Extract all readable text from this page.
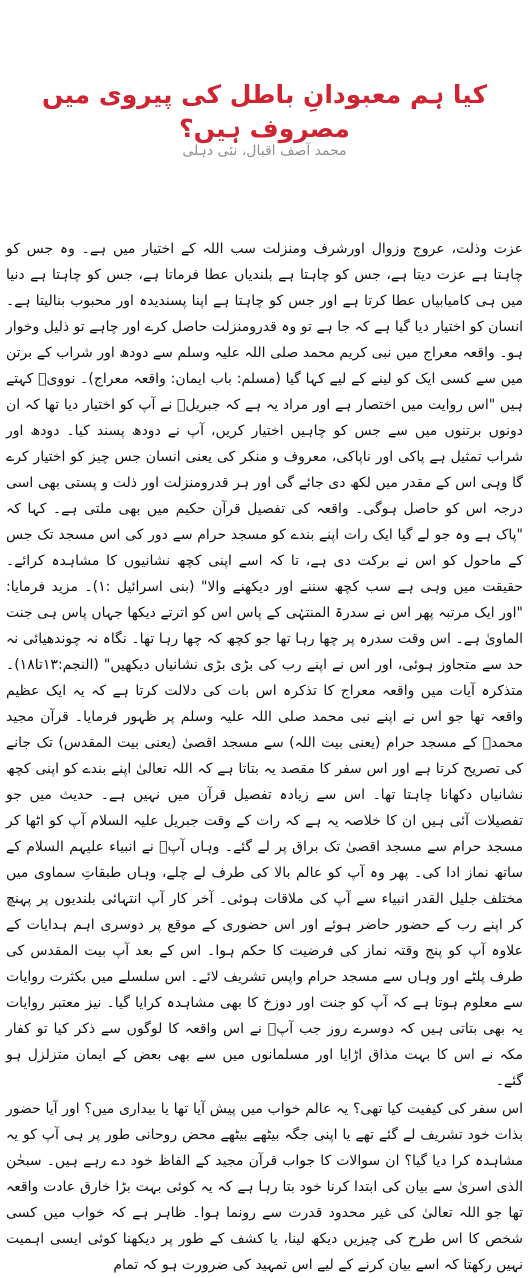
کیا ہم معبودانِ باطل کی پیروی میں مصروف ہیں؟
محمد آصف اقبال، نئی دہلی

عزت وذلت، عروج وزوال اورشرف ومنزلت سب اللہ کے اختیار میں ہے۔ وہ جس کو چاہتا ہے عزت دیتا ہے، جس کو چاہتا ہے بلندیاں عطا فرماتا ہے، جس کو چاہتا ہے دنیا میں ہی کامیابیاں عطا کرتا ہے اور جس کو چاہتا ہے اپنا پسندیدہ اور محبوب بنالیتا ہے۔ انسان کو اختیار دیا گیا ہے کہ جا ہے تو وہ قدرومنزلت حاصل کرے اور چاہے تو ذلیل وخوار ہو۔ واقعہ معراج میں نبی کریم محمد صلی اللہ علیہ وسلم سے دودھ اور شراب کے برتن میں سے کسی ایک کو لینے کے لیے کہا گیا (مسلم: باب ایمان: واقعہ معراج)۔ نوویؒ کہتے ہیں "اس روایت میں اختصار ہے اور مراد یہ ہے کہ جبریلؑ نے آپ کو اختیار دیا تھا کہ ان دونوں برتنوں میں سے جس کو چاہیں اختیار کریں، آپ نے دودھ پسند کیا۔ دودھ اور شراب تمثیل ہے پاکی اور ناپاکی، معروف و منکر کی یعنی انسان جس چیز کو اختیار کرے گا وہی اس کے مقدر میں لکھ دی جائے گی اور ہر قدرومنزلت اور ذلت و پستی بھی اسی درجہ اس کو حاصل ہوگی۔ واقعہ کی تفصیل قرآن حکیم میں بھی ملتی ہے۔ کہا کہ "پاک ہے وہ جو لے گیا ایک رات اپنے بندے کو مسجد حرام سے دور کی اس مسجد تک جس کے ماحول کو اس نے برکت دی ہے، تا کہ اسے اپنی کچھ نشانیوں کا مشاہدہ کرائے۔ حقیقت میں وہی ہے سب کچھ سننے اور دیکھنے والا" (بنی اسرائیل :۱)۔ مزید فرمایا: "اور ایک مرتبہ پھر اس نے سدرۃ المنتہٰی کے پاس اس کو اترتے دیکھا جہاں پاس ہی جنت الماویٰ ہے۔ اس وقت سدرہ پر چھا رہا تھا جو کچھ کہ چھا رہا تھا۔ نگاہ نہ چوندھیائی نہ حد سے متجاوز ہوئی، اور اس نے اپنے رب کی بڑی بڑی نشانیاں دیکھیں" (النجم:۱۳تا۱۸)۔ متذکرہ آیات میں واقعہ معراج کا تذکرہ اس بات کی دلالت کرتا ہے کہ یہ ایک عظیم واقعہ تھا جو اس نے اپنے نبی محمد صلی اللہ علیہ وسلم پر ظہور فرمایا۔ قرآن مجید محمدؐ کے مسجد حرام (یعنی بیت اللہ) سے مسجد اقصیٰ (یعنی بیت المقدس) تک جانے کی تصریح کرتا ہے اور اس سفر کا مقصد یہ بتاتا ہے کہ اللہ تعالیٰ اپنے بندے کو اپنی کچھ نشانیاں دکھانا چاہتا تھا۔ اس سے زیادہ تفصیل قرآن میں نہیں ہے۔ حدیث میں جو تفصیلات آئی ہیں ان کا خلاصہ یہ ہے کہ رات کے وقت جبریل علیہ السلام آپ کو اٹھا کر مسجد حرام سے مسجد اقصیٰ تک براق پر لے گئے۔ وہاں آپؐ نے انبیاء علیہم السلام کے ساتھ نماز ادا کی۔ پھر وہ آپ کو عالم بالا کی طرف لے چلے، وہاں طبقاتِ سماوی میں مختلف جلیل القدر انبیاء سے آپ کی ملاقات ہوئی۔ آخر کار آپ انتہائی بلندیوں پر پہنچ کر اپنے رب کے حضور حاضر ہوئے اور اس حضوری کے موقع پر دوسری اہم ہدایات کے علاوہ آپ کو پنج وقتہ نماز کی فرضیت کا حکم ہوا۔ اس کے بعد آپ بیت المقدس کی طرف پلٹے اور وہاں سے مسجد حرام واپس تشریف لائے۔ اس سلسلے میں بکثرت روایات سے معلوم ہوتا ہے کہ آپ کو جنت اور دوزخ کا بھی مشاہدہ کرایا گیا۔ نیز معتبر روایات یہ بھی بتاتی ہیں کہ دوسرے روز جب آپؐ نے اس واقعہ کا لوگوں سے ذکر کیا تو کفار مکہ نے اس کا بہت مذاق اڑایا اور مسلمانوں میں سے بھی بعض کے ایمان متزلزل ہو گئے۔

اس سفر کی کیفیت کیا تھی؟ یہ عالم خواب میں پیش آیا تھا یا بیداری میں؟ اور آیا حضور بذات خود تشریف لے گئے تھے یا اپنی جگہ بیٹھے بیٹھے محض روحانی طور پر ہی آپ کو یہ مشاہدہ کرا دیا گیا؟ ان سوالات کا جواب قرآن مجید کے الفاظ خود دے رہے ہیں۔ سبحٰن الذی اسریٰ سے بیان کی ابتدا کرنا خود بتا رہا ہے کہ یہ کوئی بہت بڑا خارق عادت واقعہ تھا جو اللہ تعالیٰ کی غیر محدود قدرت سے رونما ہوا۔ ظاہر ہے کہ خواب میں کسی شخص کا اس طرح کی چیزیں دیکھ لینا، یا کشف کے طور پر دیکھنا کوئی ایسی اہمیت نہیں رکھتا کہ اسے بیان کرنے کے لیے اس تمہید کی ضرورت ہو کہ تمام
